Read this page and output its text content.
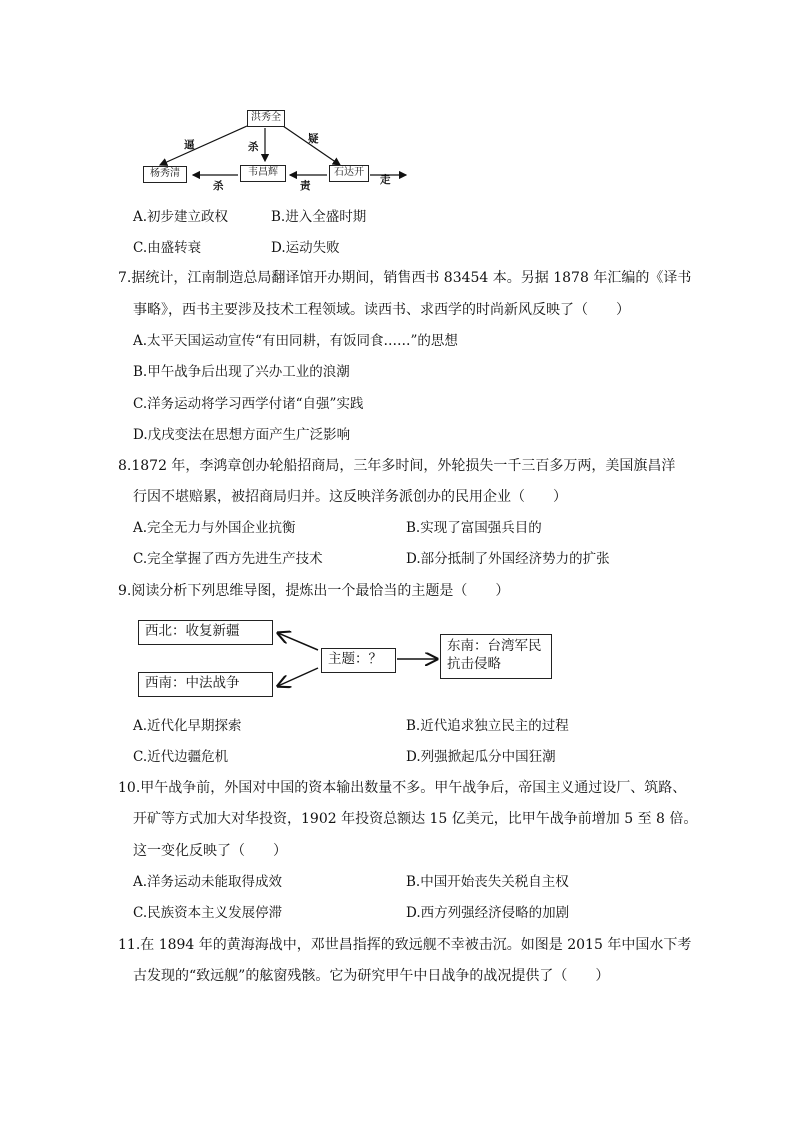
洪秀全
杨秀清	韦昌辉	石达开
逼	杀
疑
杀	责	走
A.初步建立政权	B.进入全盛时期
C.由盛转衰	D.运动失败
7.据统计，江南制造总局翻译馆开办期间，销售西书 83454 本。另据 1878 年汇编的《译书
事略》，西书主要涉及技术工程领域。读西书、求西学的时尚新风反映了（　　）
A.太平天国运动宣传“有田同耕，有饭同食……”的思想
B.甲午战争后出现了兴办工业的浪潮
C.洋务运动将学习西学付诸“自强”实践
D.戊戌变法在思想方面产生广泛影响
8.1872 年，李鸿章创办轮船招商局，三年多时间，外轮损失一千三百多万两，美国旗昌洋
行因不堪赔累，被招商局归并。这反映洋务派创办的民用企业（　　）
A.完全无力与外国企业抗衡	B.实现了富国强兵目的
C.完全掌握了西方先进生产技术	D.部分抵制了外国经济势力的扩张
9.阅读分析下列思维导图，提炼出一个最恰当的主题是（　　）
西北：收复新疆
西南：中法战争
主题：？
东南：台湾军民
抗击侵略
A.近代化早期探索	B.近代追求独立民主的过程
C.近代边疆危机	D.列强掀起瓜分中国狂潮
10.甲午战争前，外国对中国的资本输出数量不多。甲午战争后，帝国主义通过设厂、筑路、
开矿等方式加大对华投资，1902 年投资总额达 15 亿美元，比甲午战争前增加 5 至 8 倍。
这一变化反映了（　　）
A.洋务运动未能取得成效	B.中国开始丧失关税自主权
C.民族资本主义发展停滞	D.西方列强经济侵略的加剧
11.在 1894 年的黄海海战中，邓世昌指挥的致远舰不幸被击沉。如图是 2015 年中国水下考
古发现的“致远舰”的舷窗残骸。它为研究甲午中日战争的战况提供了（　　）
